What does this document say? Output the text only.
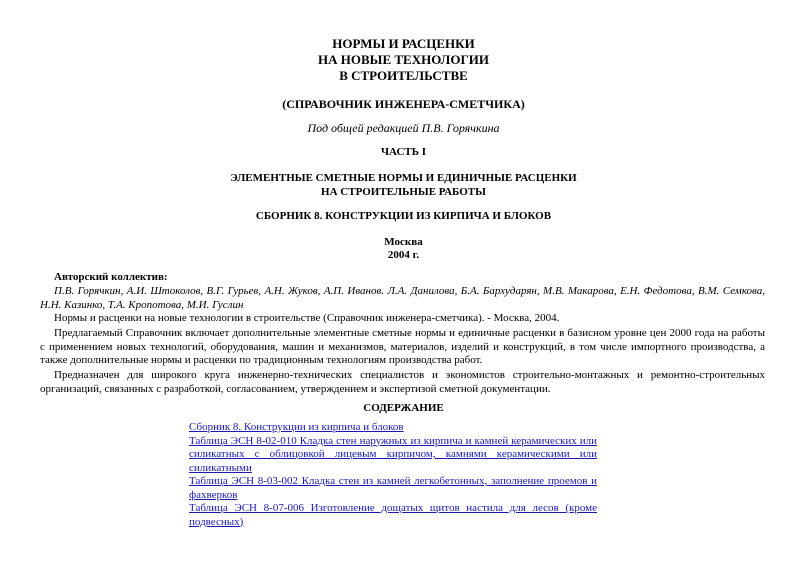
НОРМЫ И РАСЦЕНКИ
НА НОВЫЕ ТЕХНОЛОГИИ
В СТРОИТЕЛЬСТВЕ
(СПРАВОЧНИК ИНЖЕНЕРА-СМЕТЧИКА)
Под общей редакцией П.В. Горячкина
ЧАСТЬ I
ЭЛЕМЕНТНЫЕ СМЕТНЫЕ НОРМЫ И ЕДИНИЧНЫЕ РАСЦЕНКИ
НА СТРОИТЕЛЬНЫЕ РАБОТЫ
СБОРНИК 8. КОНСТРУКЦИИ ИЗ КИРПИЧА И БЛОКОВ
Москва
2004 г.
Авторский коллектив:
П.В. Горячкин, А.И. Штоколов, В.Г. Гурьев, А.Н. Жуков, А.П. Иванов. Л.А. Данилова, Б.А. Бархударян, М.В. Макарова, Е.Н. Федотова, В.М. Семкова, Н.Н. Казинко, Т.А. Кропотова, М.И. Гуслин
Нормы и расценки на новые технологии в строительстве (Справочник инженера-сметчика). - Москва, 2004.
Предлагаемый Справочник включает дополнительные элементные сметные нормы и единичные расценки в базисном уровне цен 2000 года на работы с применением новых технологий, оборудования, машин и механизмов, материалов, изделий и конструкций, в том числе импортного производства, а также дополнительные нормы и расценки по традиционным технологиям производства работ.
Предназначен для широкого круга инженерно-технических специалистов и экономистов строительно-монтажных и ремонтно-строительных организаций, связанных с разработкой, согласованием, утверждением и экспертизой сметной документации.
СОДЕРЖАНИЕ
Сборник 8. Конструкции из кирпича и блоков
Таблица ЭСН 8-02-010 Кладка стен наружных из кирпича и камней керамических или силикатных с облицовкой лицевым кирпичом, камнями керамическими или силикатными
Таблица ЭСН 8-03-002 Кладка стен из камней легкобетонных, заполнение проемов и фахверков
Таблица ЭСН 8-07-006 Изготовление дощатых щитов настила для лесов (кроме подвесных)
